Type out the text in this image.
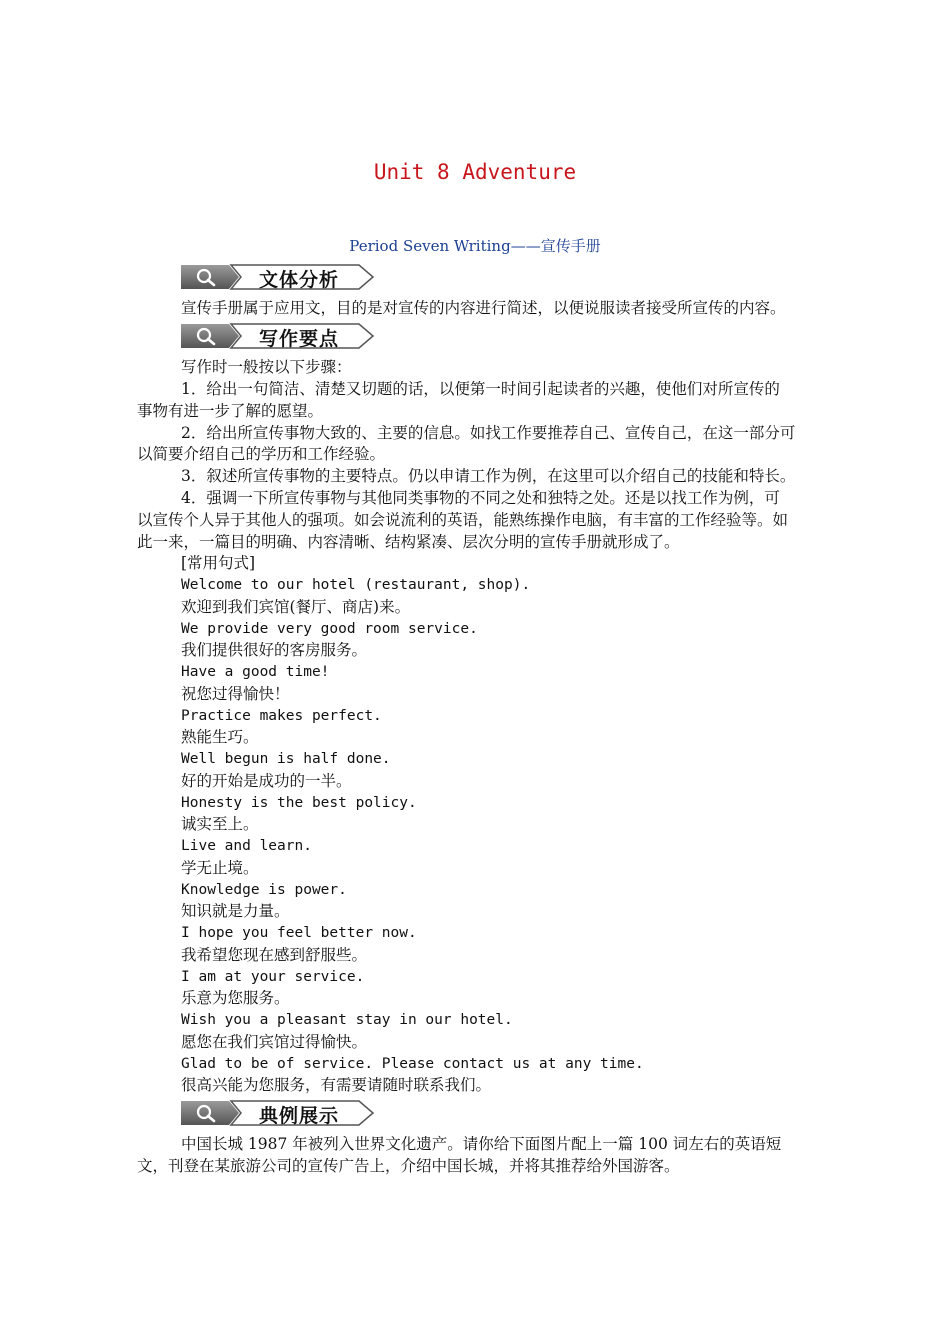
Unit 8 Adventure
Period Seven Writing——宣传手册
文体分析
宣传手册属于应用文，目的是对宣传的内容进行简述，以便说服读者接受所宣传的内容。
写作要点
写作时一般按以下步骤：
1．给出一句简洁、清楚又切题的话，以便第一时间引起读者的兴趣，使他们对所宣传的
事物有进一步了解的愿望。
2．给出所宣传事物大致的、主要的信息。如找工作要推荐自己、宣传自己，在这一部分可
以简要介绍自己的学历和工作经验。
3．叙述所宣传事物的主要特点。仍以申请工作为例，在这里可以介绍自己的技能和特长。
4．强调一下所宣传事物与其他同类事物的不同之处和独特之处。还是以找工作为例，可
以宣传个人异于其他人的强项。如会说流利的英语，能熟练操作电脑，有丰富的工作经验等。如
此一来，一篇目的明确、内容清晰、结构紧凑、层次分明的宣传手册就形成了。
[常用句式]
Welcome to our hotel (restaurant, shop).
欢迎到我们宾馆(餐厅、商店)来。
We provide very good room service.
我们提供很好的客房服务。
Have a good time!
祝您过得愉快！
Practice makes perfect.
熟能生巧。
Well begun is half done.
好的开始是成功的一半。
Honesty is the best policy.
诚实至上。
Live and learn.
学无止境。
Knowledge is power.
知识就是力量。
I hope you feel better now.
我希望您现在感到舒服些。
I am at your service.
乐意为您服务。
Wish you a pleasant stay in our hotel.
愿您在我们宾馆过得愉快。
Glad to be of service. Please contact us at any time.
很高兴能为您服务，有需要请随时联系我们。
典例展示
中国长城 1987 年被列入世界文化遗产。请你给下面图片配上一篇 100 词左右的英语短
文，刊登在某旅游公司的宣传广告上，介绍中国长城，并将其推荐给外国游客。
